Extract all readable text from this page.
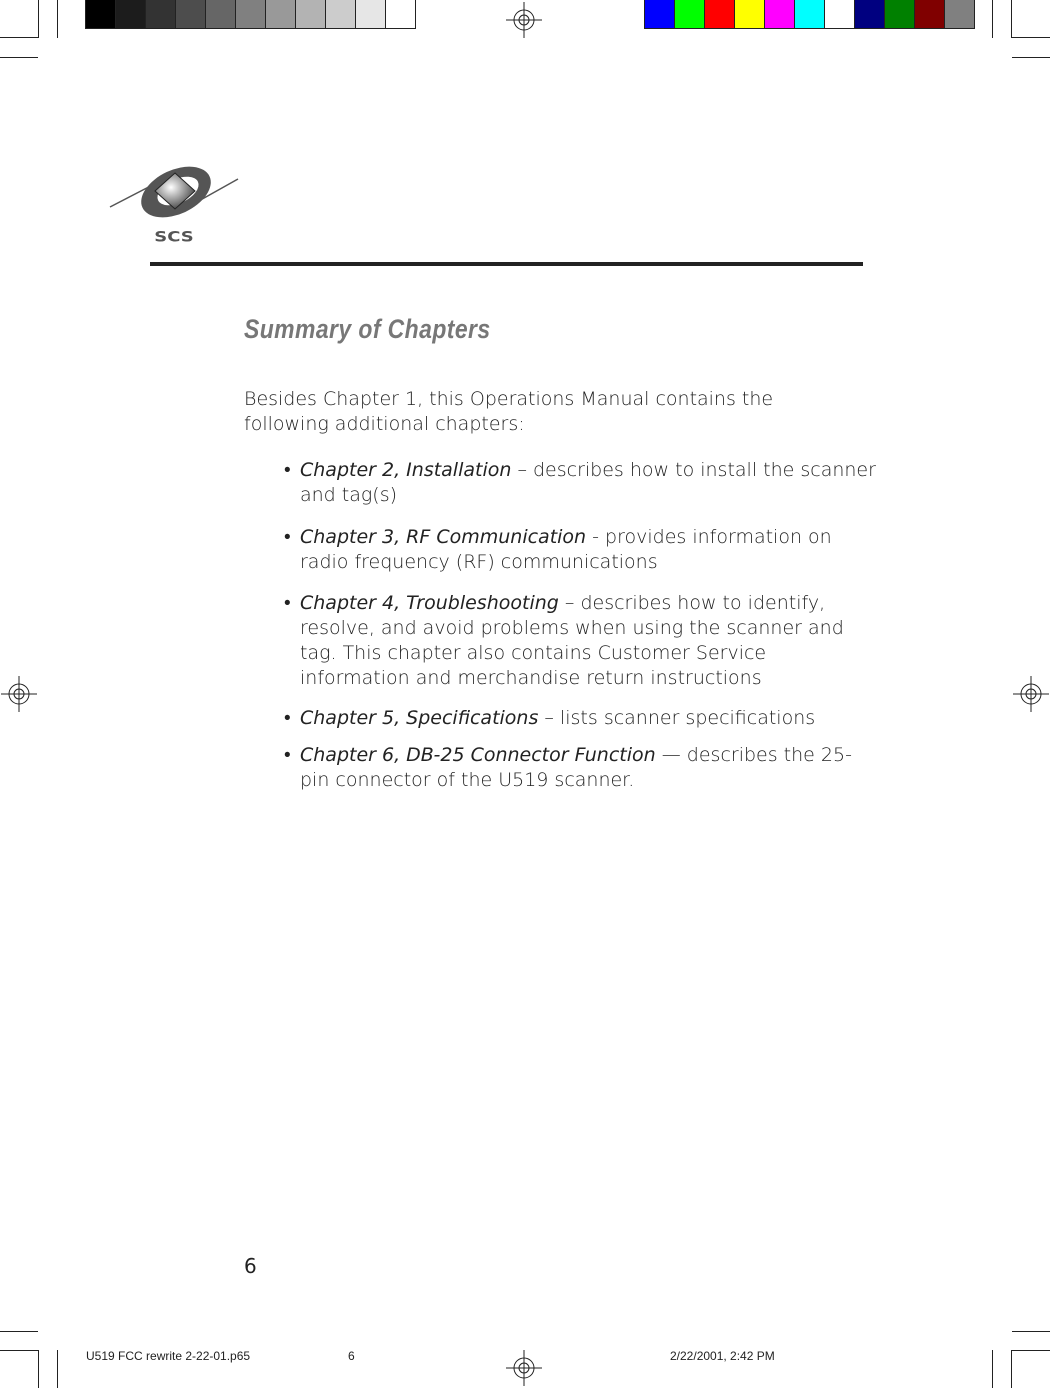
SCS
Summary of Chapters
Besides Chapter 1, this Operations Manual contains the following additional chapters:
• Chapter 2, Installation – describes how to install the scanner and tag(s)
• Chapter 3, RF Communication - provides information on radio frequency (RF) communications
• Chapter 4, Troubleshooting – describes how to identify, resolve, and avoid problems when using the scanner and tag. This chapter also contains Customer Service information and merchandise return instructions
• Chapter 5, Specifications – lists scanner specifications
• Chapter 6, DB-25 Connector Function — describes the 25-pin connector of the U519 scanner.
6
U519 FCC rewrite 2-22-01.p65	6	2/22/2001, 2:42 PM
